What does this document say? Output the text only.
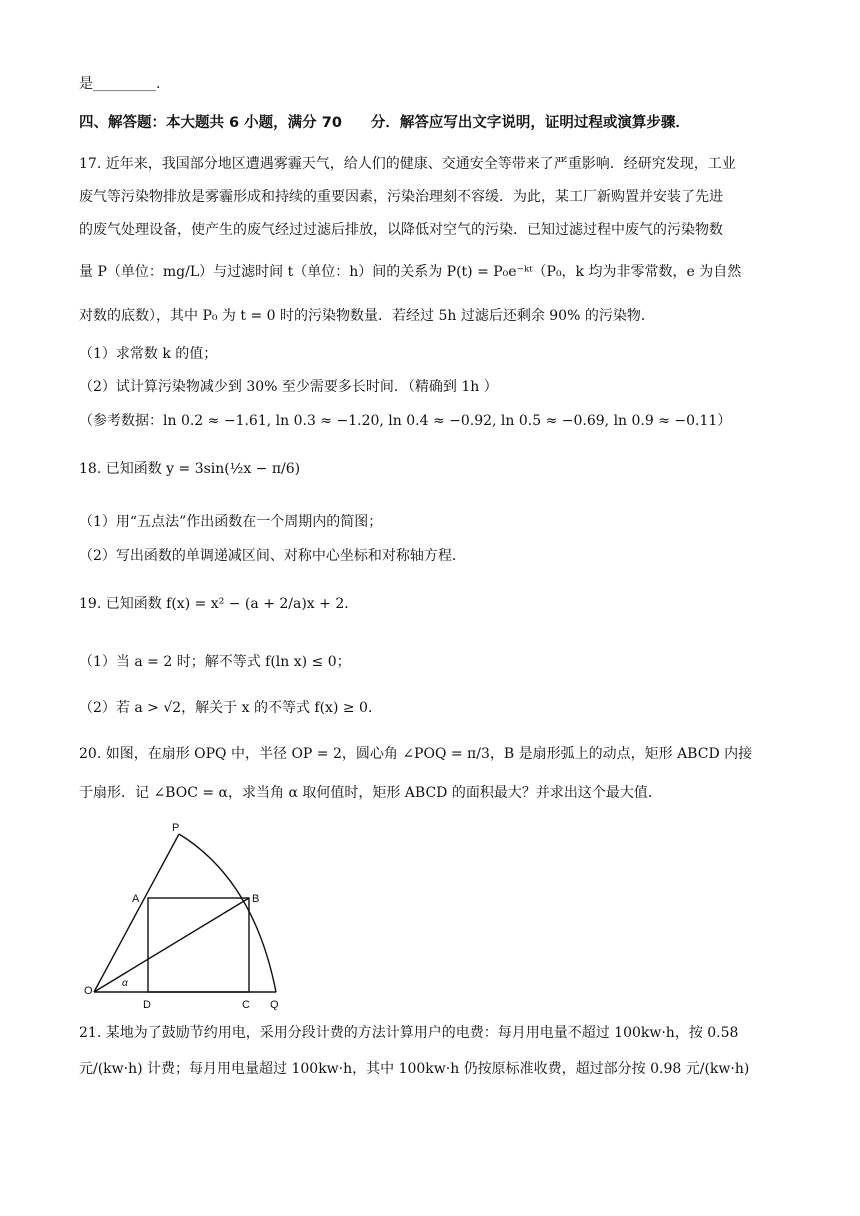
是_________.
四、解答题：本大题共 6 小题，满分 70　　分．解答应写出文字说明，证明过程或演算步骤．
17. 近年来，我国部分地区遭遇雾霾天气，给人们的健康、交通安全等带来了严重影响．经研究发现，工业
废气等污染物排放是雾霾形成和持续的重要因素，污染治理刻不容缓．为此，某工厂新购置并安装了先进
的废气处理设备，使产生的废气经过过滤后排放，以降低对空气的污染．已知过滤过程中废气的污染物数
量 P（单位：mg/L）与过滤时间 t（单位：h）间的关系为 P(t) = P₀e⁻ᵏᵗ（P₀，k 均为非零常数，e 为自然
对数的底数），其中 P₀ 为 t = 0 时的污染物数量．若经过 5h 过滤后还剩余 90% 的污染物．
（1）求常数 k 的值；
（2）试计算污染物减少到 30% 至少需要多长时间．（精确到 1h ）
（参考数据：ln 0.2 ≈ −1.61, ln 0.3 ≈ −1.20, ln 0.4 ≈ −0.92, ln 0.5 ≈ −0.69, ln 0.9 ≈ −0.11）
18. 已知函数 y = 3sin(½x − π/6)
（1）用“五点法”作出函数在一个周期内的简图；
（2）写出函数的单调递减区间、对称中心坐标和对称轴方程．
19. 已知函数 f(x) = x² − (a + 2/a)x + 2．
（1）当 a = 2 时；解不等式 f(ln x) ≤ 0；
（2）若 a > √2，解关于 x 的不等式 f(x) ≥ 0．
20. 如图，在扇形 OPQ 中，半径 OP = 2，圆心角 ∠POQ = π/3，B 是扇形弧上的动点，矩形 ABCD 内接
于扇形．记 ∠BOC = α，求当角 α 取何值时，矩形 ABCD 的面积最大？并求出这个最大值．
P
A	B
O
D	C Q
α
21. 某地为了鼓励节约用电，采用分段计费的方法计算用户的电费：每月用电量不超过 100kw·h，按 0.58
元/(kw·h) 计费；每月用电量超过 100kw·h，其中 100kw·h 仍按原标准收费，超过部分按 0.98 元/(kw·h)
